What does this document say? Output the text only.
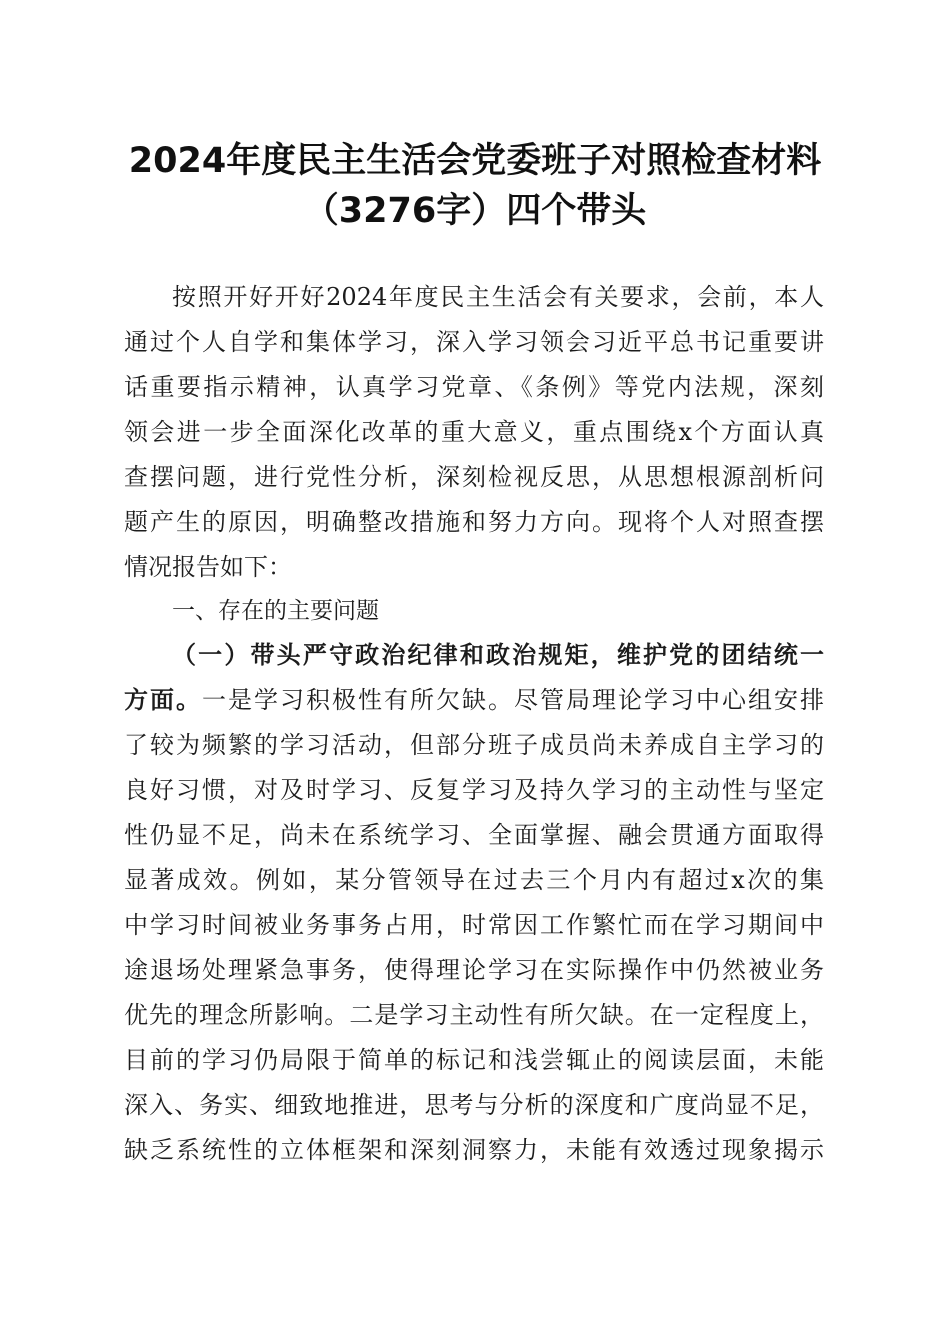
2024年度民主生活会党委班子对照检查材料
（3276字）四个带头
按照开好开好2024年度民主生活会有关要求，会前，本人
通过个人自学和集体学习，深入学习领会习近平总书记重要讲
话重要指示精神，认真学习党章、《条例》等党内法规，深刻
领会进一步全面深化改革的重大意义，重点围绕x个方面认真
查摆问题，进行党性分析，深刻检视反思，从思想根源剖析问
题产生的原因，明确整改措施和努力方向。现将个人对照查摆
情况报告如下：
一、存在的主要问题
（一）带头严守政治纪律和政治规矩，维护党的团结统一
方面。一是学习积极性有所欠缺。尽管局理论学习中心组安排
了较为频繁的学习活动，但部分班子成员尚未养成自主学习的
良好习惯，对及时学习、反复学习及持久学习的主动性与坚定
性仍显不足，尚未在系统学习、全面掌握、融会贯通方面取得
显著成效。例如，某分管领导在过去三个月内有超过x次的集
中学习时间被业务事务占用，时常因工作繁忙而在学习期间中
途退场处理紧急事务，使得理论学习在实际操作中仍然被业务
优先的理念所影响。二是学习主动性有所欠缺。在一定程度上，
目前的学习仍局限于简单的标记和浅尝辄止的阅读层面，未能
深入、务实、细致地推进，思考与分析的深度和广度尚显不足，
缺乏系统性的立体框架和深刻洞察力，未能有效透过现象揭示
